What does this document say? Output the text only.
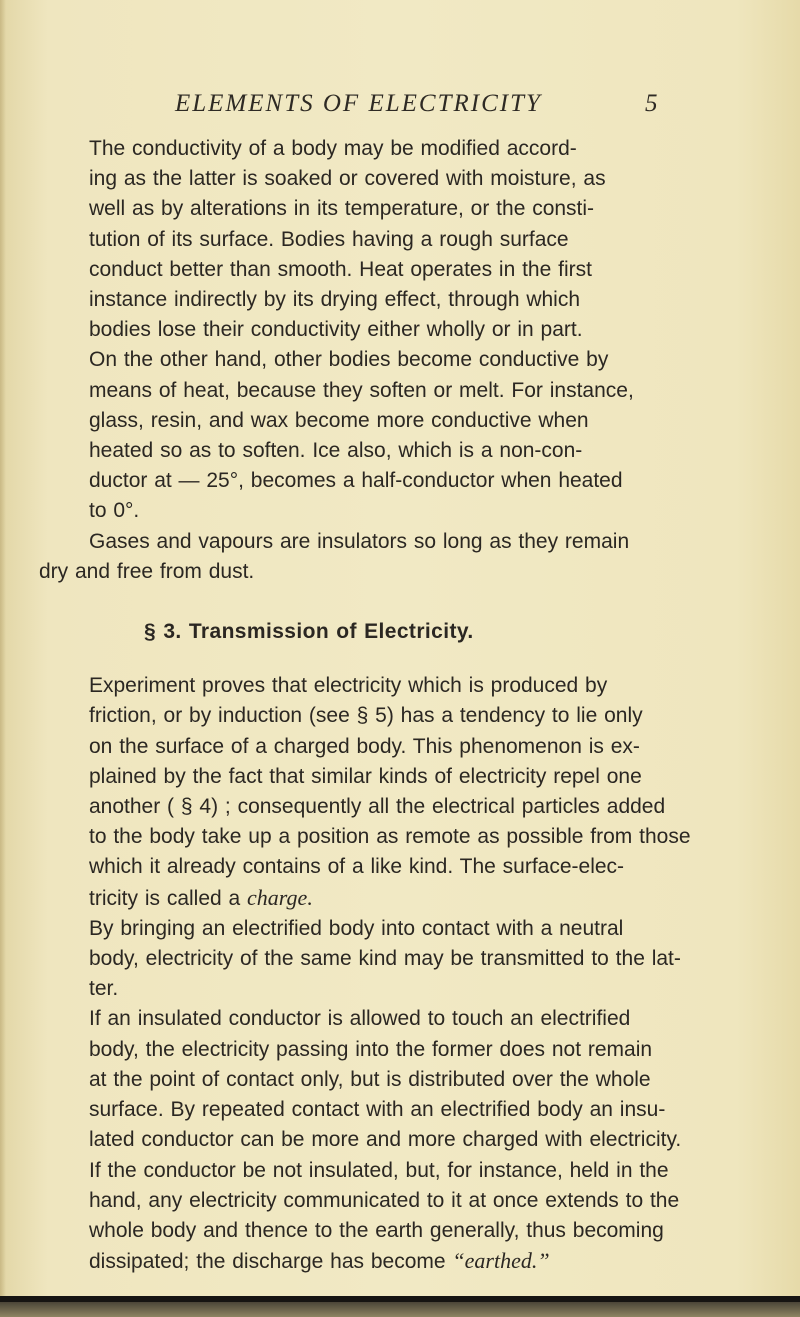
ELEMENTS OF ELECTRICITY	5

The conductivity of a body may be modified accord-
ing as the latter is soaked or covered with moisture, as
well as by alterations in its temperature, or the consti-
tution of its surface. Bodies having a rough surface
conduct better than smooth. Heat operates in the first
instance indirectly by its drying effect, through which
bodies lose their conductivity either wholly or in part.
On the other hand, other bodies become conductive by
means of heat, because they soften or melt. For instance,
glass, resin, and wax become more conductive when
heated so as to soften. Ice also, which is a non-con-
ductor at — 25°, becomes a half-conductor when heated
to 0°.

Gases and vapours are insulators so long as they remain
dry and free from dust.

§ 3. Transmission of Electricity.

Experiment proves that electricity which is produced by
friction, or by induction (see § 5) has a tendency to lie only
on the surface of a charged body. This phenomenon is ex-
plained by the fact that similar kinds of electricity repel one
another ( § 4) ; consequently all the electrical particles added
to the body take up a position as remote as possible from those
which it already contains of a like kind. The surface-elec-
tricity is called a charge.

By bringing an electrified body into contact with a neutral
body, electricity of the same kind may be transmitted to the lat-
ter.

If an insulated conductor is allowed to touch an electrified
body, the electricity passing into the former does not remain
at the point of contact only, but is distributed over the whole
surface. By repeated contact with an electrified body an insu-
lated conductor can be more and more charged with electricity.
If the conductor be not insulated, but, for instance, held in the
hand, any electricity communicated to it at once extends to the
whole body and thence to the earth generally, thus becoming
dissipated; the discharge has become “earthed.”
